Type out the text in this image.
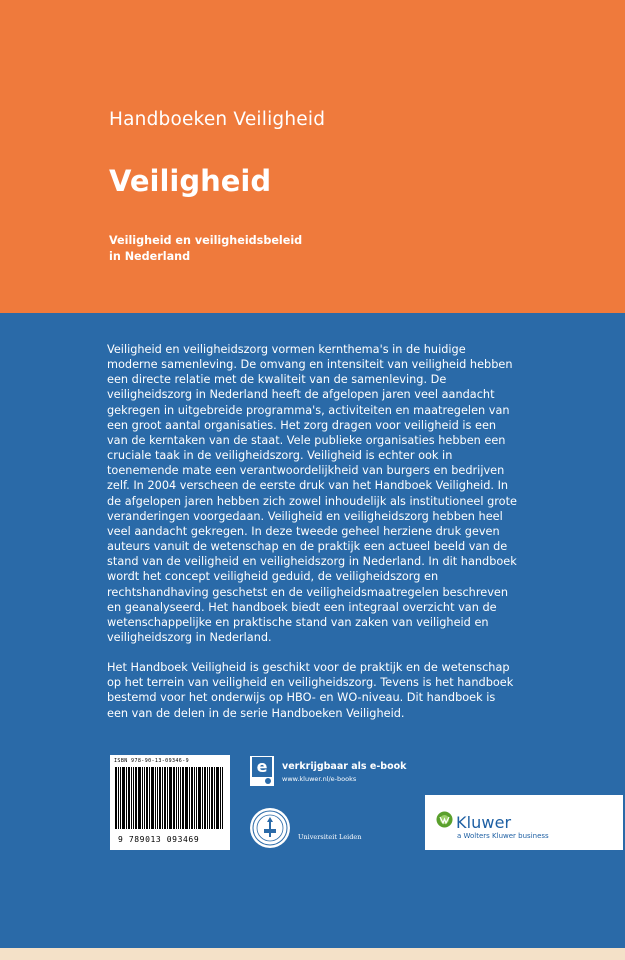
Handboeken Veiligheid
Veiligheid
Veiligheid en veiligheidsbeleid
in Nederland

Veiligheid en veiligheidszorg vormen kernthema's in de huidige moderne samenleving. De omvang en intensiteit van veiligheid hebben een directe relatie met de kwaliteit van de samenleving. De veiligheidszorg in Nederland heeft de afgelopen jaren veel aandacht gekregen in uitgebreide programma's, activiteiten en maatregelen van een groot aantal organisaties. Het zorg dragen voor veiligheid is een van de kerntaken van de staat. Vele publieke organisaties hebben een cruciale taak in de veiligheidszorg. Veiligheid is echter ook in toenemende mate een verantwoordelijkheid van burgers en bedrijven zelf. In 2004 verscheen de eerste druk van het Handboek Veiligheid. In de afgelopen jaren hebben zich zowel inhoudelijk als institutioneel grote veranderingen voorgedaan. Veiligheid en veiligheidszorg hebben heel veel aandacht gekregen. In deze tweede geheel herziene druk geven auteurs vanuit de wetenschap en de praktijk een actueel beeld van de stand van de veiligheid en veiligheidszorg in Nederland. In dit handboek wordt het concept veiligheid geduid, de veiligheidszorg en rechtshandhaving geschetst en de veiligheidsmaatregelen beschreven en geanalyseerd. Het handboek biedt een integraal overzicht van de wetenschappelijke en praktische stand van zaken van veiligheid en veiligheidszorg in Nederland.

Het Handboek Veiligheid is geschikt voor de praktijk en de wetenschap op het terrein van veiligheid en veiligheidszorg. Tevens is het handboek bestemd voor het onderwijs op HBO- en WO-niveau. Dit handboek is een van de delen in de serie Handboeken Veiligheid.

ISBN 978-90-13-09346-9
9 789013 093469
e	verkrijgbaar als e-book
www.kluwer.nl/e-books
Universiteit Leiden
Kluwer
a Wolters Kluwer business
